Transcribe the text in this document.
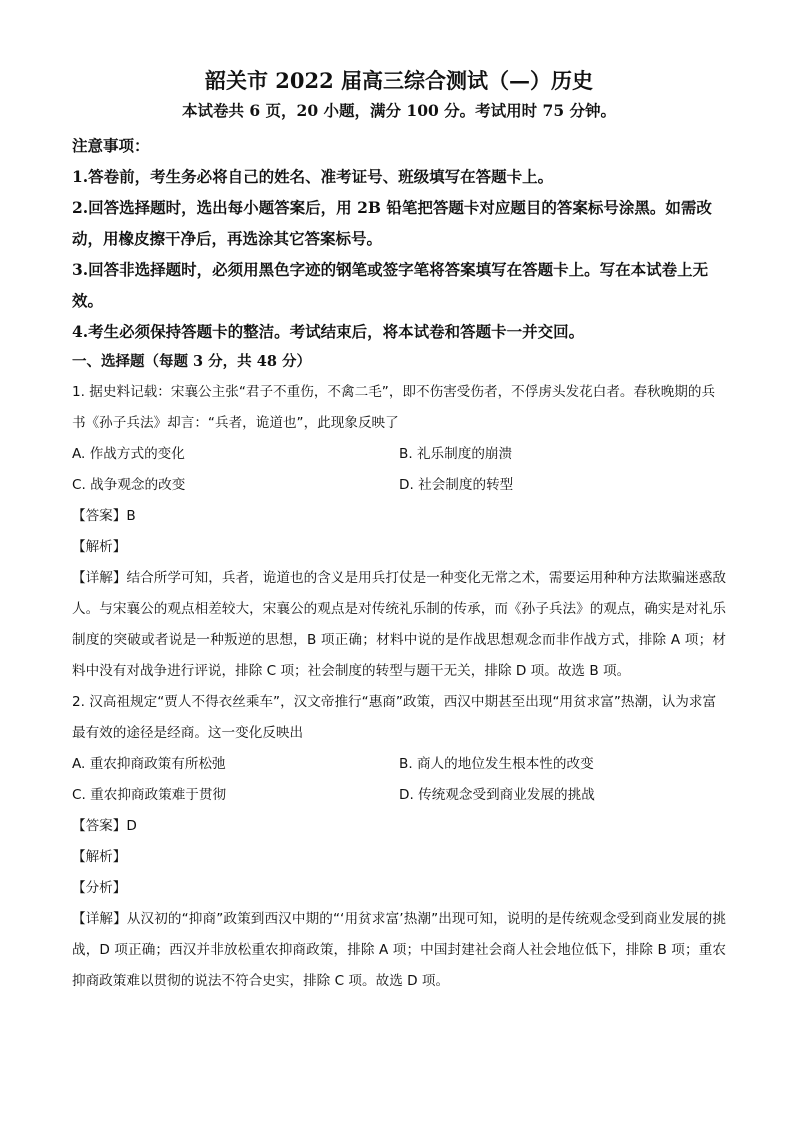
韶关市 2022 届高三综合测试（—）历史

本试卷共 6 页，20 小题，满分 100 分。考试用时 75 分钟。

注意事项：

1.答卷前，考生务必将自己的姓名、准考证号、班级填写在答题卡上。

2.回答选择题时，选出每小题答案后，用 2B 铅笔把答题卡对应题目的答案标号涂黑。如需改动，用橡皮擦干净后，再选涂其它答案标号。

3.回答非选择题时，必须用黑色字迹的钢笔或签字笔将答案填写在答题卡上。写在本试卷上无效。

4.考生必须保持答题卡的整洁。考试结束后，将本试卷和答题卡一并交回。

一、选择题（每题 3 分，共 48 分）

1. 据史料记载：宋襄公主张“君子不重伤，不禽二毛”，即不伤害受伤者，不俘虏头发花白者。春秋晚期的兵书《孙子兵法》却言：“兵者，诡道也”，此现象反映了

A. 作战方式的变化	B. 礼乐制度的崩溃
C. 战争观念的改变	D. 社会制度的转型

【答案】B

【解析】

【详解】结合所学可知，兵者，诡道也的含义是用兵打仗是一种变化无常之术，需要运用种种方法欺骗迷惑敌人。与宋襄公的观点相差较大，宋襄公的观点是对传统礼乐制的传承，而《孙子兵法》的观点，确实是对礼乐制度的突破或者说是一种叛逆的思想，B 项正确；材料中说的是作战思想观念而非作战方式，排除 A 项；材料中没有对战争进行评说，排除 C 项；社会制度的转型与题干无关，排除 D 项。故选 B 项。

2. 汉高祖规定“贾人不得衣丝乘车”，汉文帝推行“惠商”政策，西汉中期甚至出现“用贫求富”热潮，认为求富最有效的途径是经商。这一变化反映出

A. 重农抑商政策有所松弛	B. 商人的地位发生根本性的改变
C. 重农抑商政策难于贯彻	D. 传统观念受到商业发展的挑战

【答案】D

【解析】

【分析】

【详解】从汉初的“抑商”政策到西汉中期的“‘用贫求富’热潮”出现可知，说明的是传统观念受到商业发展的挑战，D 项正确；西汉并非放松重农抑商政策，排除 A 项；中国封建社会商人社会地位低下，排除 B 项；重农抑商政策难以贯彻的说法不符合史实，排除 C 项。故选 D 项。
